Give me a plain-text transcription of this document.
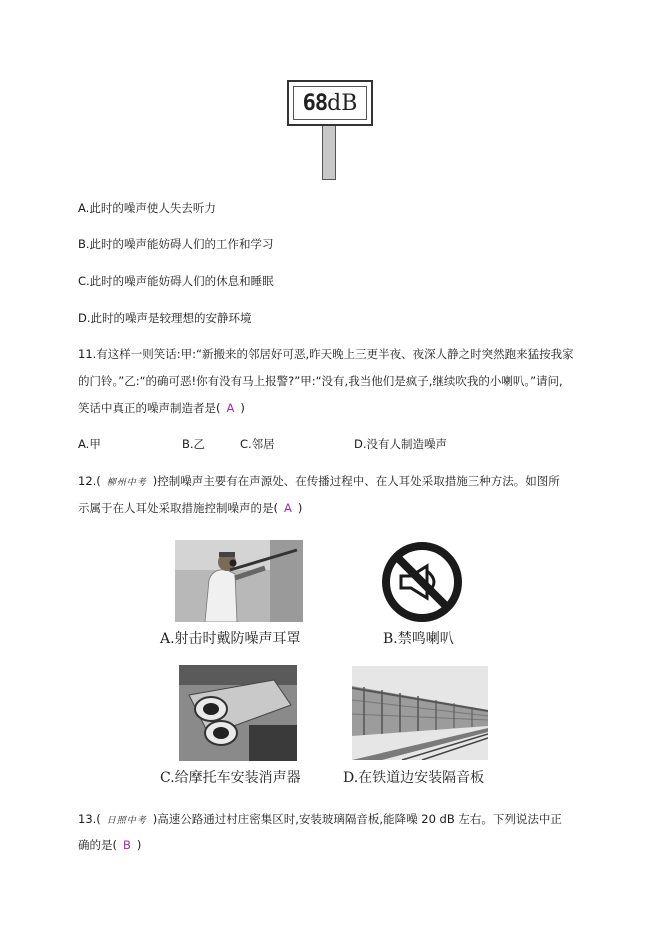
68 dB
A.此时的噪声使人失去听力
B.此时的噪声能妨碍人们的工作和学习
C.此时的噪声能妨碍人们的休息和睡眠
D.此时的噪声是较理想的安静环境
11.有这样一则笑话:甲:“新搬来的邻居好可恶,昨天晚上三更半夜、夜深人静之时突然跑来猛按我家
的门铃。”乙:“的确可恶!你有没有马上报警?”甲:“没有,我当他们是疯子,继续吹我的小喇叭。”请问,
笑话中真正的噪声制造者是( A )
A.甲	B.乙	C.邻居	D.没有人制造噪声
12.( 柳州中考 )控制噪声主要有在声源处、在传播过程中、在人耳处采取措施三种方法。如图所
示属于在人耳处采取措施控制噪声的是( A )
A.射击时戴防噪声耳罩	B.禁鸣喇叭
C.给摩托车安装消声器	D.在铁道边安装隔音板
13.( 日照中考 )高速公路通过村庄密集区时,安装玻璃隔音板,能降噪 20 dB 左右。下列说法中正
确的是( B )
